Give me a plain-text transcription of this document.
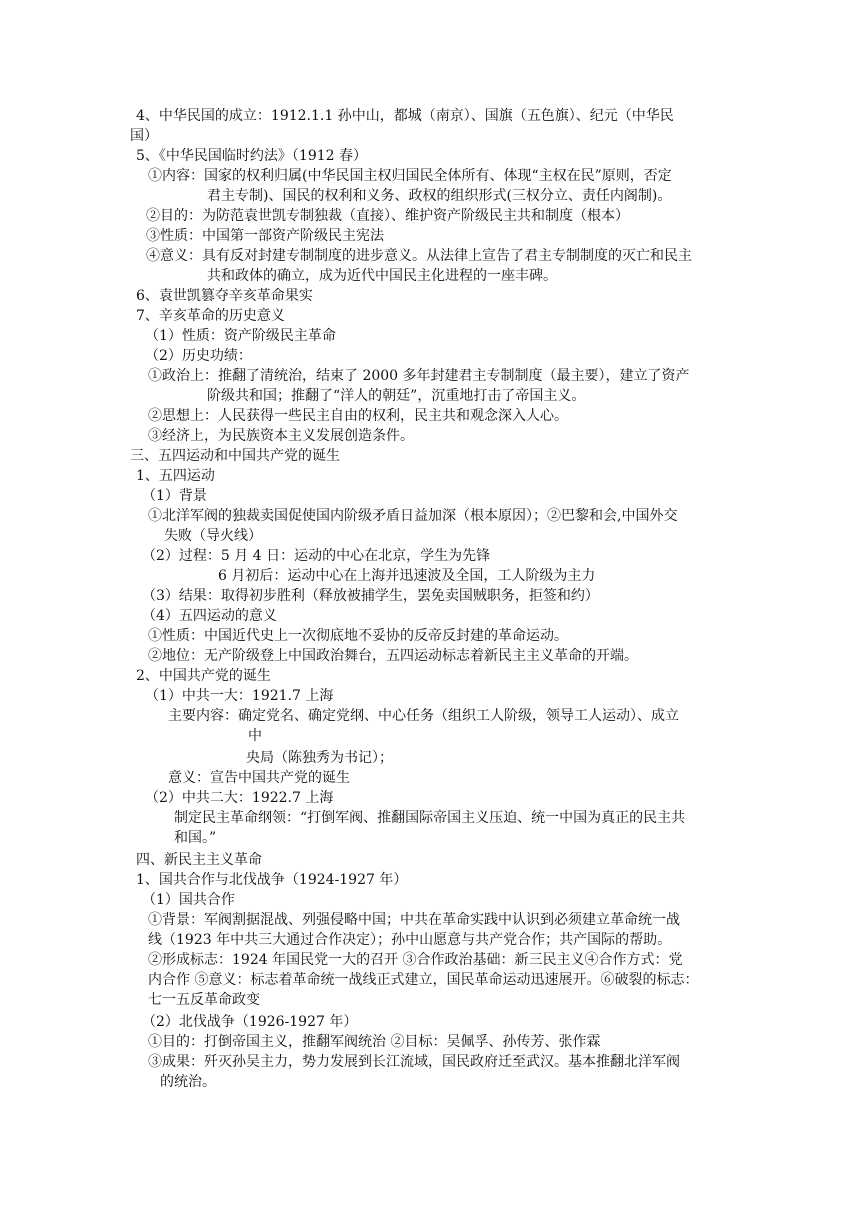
4、中华民国的成立：1912.1.1 孙中山，都城（南京）、国旗（五色旗）、纪元（中华民
国）
5、《中华民国临时约法》（1912 春）
①内容：国家的权利归属(中华民国主权归国民全体所有、体现“主权在民”原则，否定
君主专制)、国民的权利和义务、政权的组织形式(三权分立、责任内阁制)。
②目的：为防范袁世凯专制独裁（直接）、维护资产阶级民主共和制度（根本）
③性质：中国第一部资产阶级民主宪法
④意义：具有反对封建专制制度的进步意义。从法律上宣告了君主专制制度的灭亡和民主
共和政体的确立，成为近代中国民主化进程的一座丰碑。
6、袁世凯篡夺辛亥革命果实
7、辛亥革命的历史意义
（1）性质：资产阶级民主革命
（2）历史功绩：
①政治上：推翻了清统治，结束了 2000 多年封建君主专制制度（最主要），建立了资产
阶级共和国；推翻了“洋人的朝廷”，沉重地打击了帝国主义。
②思想上：人民获得一些民主自由的权利，民主共和观念深入人心。
③经济上，为民族资本主义发展创造条件。
三、五四运动和中国共产党的诞生
1、五四运动
（1）背景
①北洋军阀的独裁卖国促使国内阶级矛盾日益加深（根本原因）；②巴黎和会,中国外交
失败（导火线）
（2）过程：5 月 4 日：运动的中心在北京，学生为先锋
6 月初后：运动中心在上海并迅速波及全国，工人阶级为主力
（3）结果：取得初步胜利（释放被捕学生，罢免卖国贼职务，拒签和约）
（4）五四运动的意义
①性质：中国近代史上一次彻底地不妥协的反帝反封建的革命运动。
②地位：无产阶级登上中国政治舞台，五四运动标志着新民主主义革命的开端。
2、中国共产党的诞生
（1）中共一大：1921.7 上海
主要内容：确定党名、确定党纲、中心任务（组织工人阶级，领导工人运动）、成立
中
央局（陈独秀为书记）；
意义：宣告中国共产党的诞生
（2）中共二大：1922.7 上海
制定民主革命纲领：“打倒军阀、推翻国际帝国主义压迫、统一中国为真正的民主共
和国。”
四、新民主主义革命
1、国共合作与北伐战争（1924-1927 年）
（1）国共合作
①背景：军阀割据混战、列强侵略中国；中共在革命实践中认识到必须建立革命统一战
线（1923 年中共三大通过合作决定）；孙中山愿意与共产党合作；共产国际的帮助。
②形成标志：1924 年国民党一大的召开 ③合作政治基础：新三民主义④合作方式：党
内合作 ⑤意义：标志着革命统一战线正式建立，国民革命运动迅速展开。⑥破裂的标志：
七一五反革命政变
（2）北伐战争（1926-1927 年）
①目的：打倒帝国主义，推翻军阀统治 ②目标：吴佩孚、孙传芳、张作霖
③成果：歼灭孙吴主力，势力发展到长江流域，国民政府迁至武汉。基本推翻北洋军阀
的统治。
